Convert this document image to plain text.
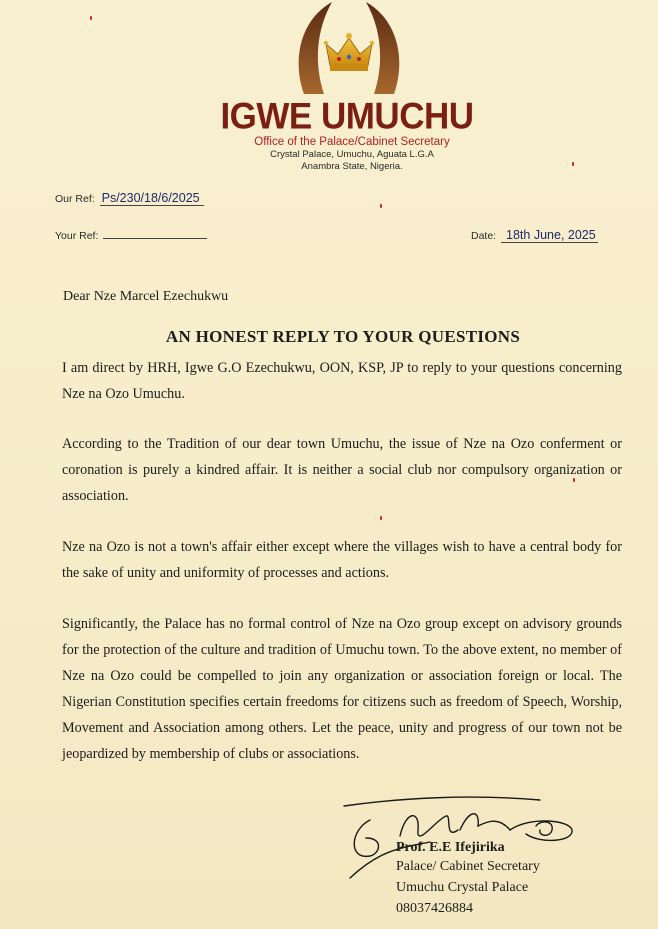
IGWE UMUCHU
Office of the Palace/Cabinet Secretary
Crystal Palace, Umuchu, Aguata L.G.A
Anambra State, Nigeria.
Our Ref: Ps/230/18/6/2025
Your Ref:	Date: 18th June, 2025
Dear Nze Marcel Ezechukwu
AN HONEST REPLY TO YOUR QUESTIONS

I am direct by HRH, Igwe G.O Ezechukwu, OON, KSP, JP to reply to your questions concerning Nze na Ozo Umuchu.

According to the Tradition of our dear town Umuchu, the issue of Nze na Ozo conferment or coronation is purely a kindred affair. It is neither a social club nor compulsory organization or association.

Nze na Ozo is not a town's affair either except where the villages wish to have a central body for the sake of unity and uniformity of processes and actions.

Significantly, the Palace has no formal control of Nze na Ozo group except on advisory grounds for the protection of the culture and tradition of Umuchu town. To the above extent, no member of Nze na Ozo could be compelled to join any organization or association foreign or local. The Nigerian Constitution specifies certain freedoms for citizens such as freedom of Speech, Worship, Movement and Association among others. Let the peace, unity and progress of our town not be jeopardized by membership of clubs or associations.

Prof. E.E Ifejirika
Palace/ Cabinet Secretary
Umuchu Crystal Palace
08037426884
